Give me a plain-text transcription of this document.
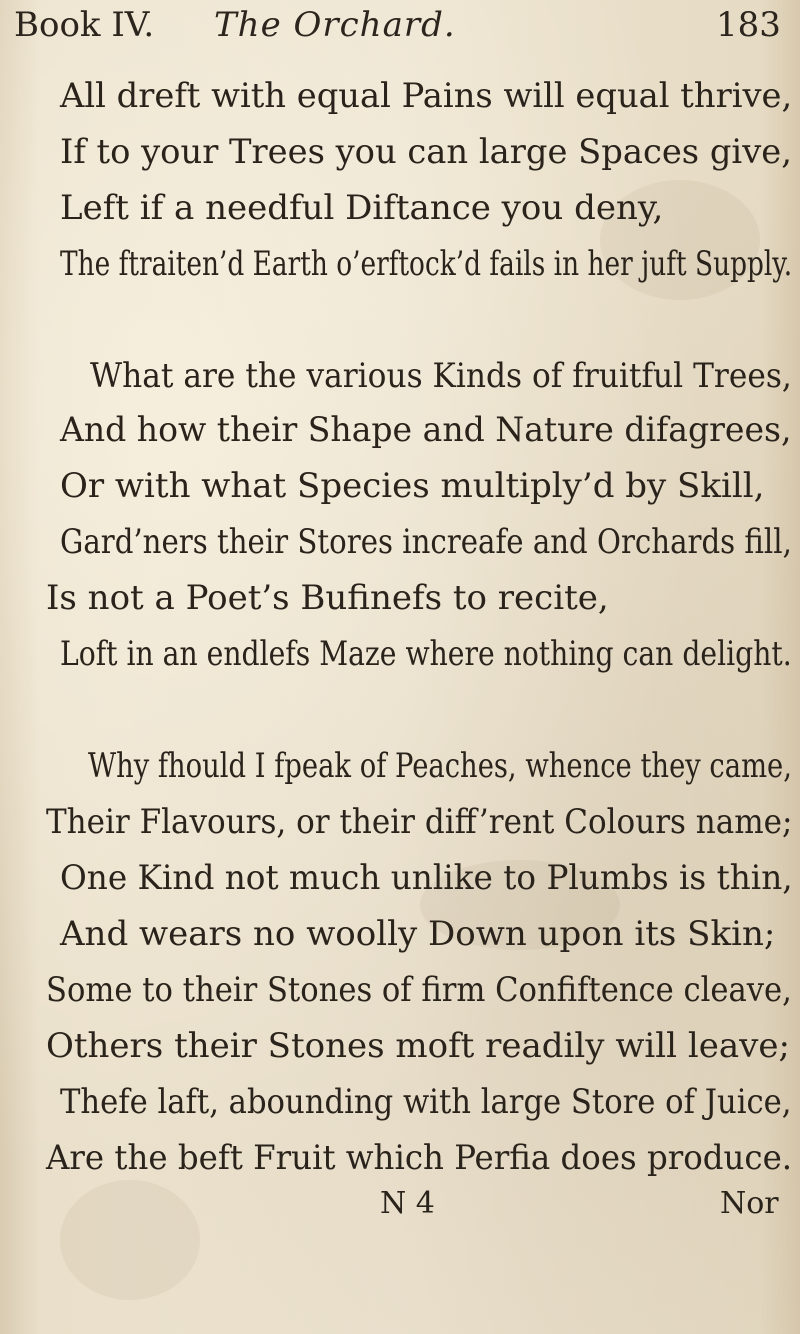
Book IV. The Orchard.	183
All dreft with equal Pains will equal thrive,
If to your Trees you can large Spaces give,
Left if a needful Diftance you deny,
The ftraiten’d Earth o’erftock’d fails in her juft Supply.
What are the various Kinds of fruitful Trees,
And how their Shape and Nature difagrees,
Or with what Species multiply’d by Skill,
Gard’ners their Stores increafe and Orchards fill,
Is not a Poet’s Bufinefs to recite,
Loft in an endlefs Maze where nothing can delight.
Why fhould I fpeak of Peaches, whence they came,
Their Flavours, or their diff’rent Colours name;
One Kind not much unlike to Plumbs is thin,
And wears no woolly Down upon its Skin;
Some to their Stones of firm Confiftence cleave,
Others their Stones moft readily will leave;
Thefe laft, abounding with large Store of Juice,
Are the beft Fruit which Perfia does produce.
N 4	Nor
